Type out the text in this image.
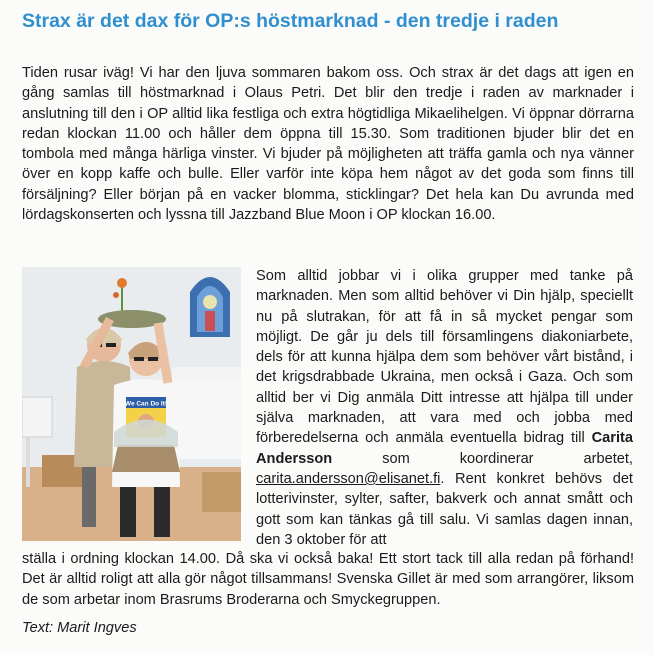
Strax är det dax för OP:s höstmarknad - den tredje i raden

Tiden rusar iväg! Vi har den ljuva sommaren bakom oss. Och strax är det dags att igen en gång samlas till höstmarknad i Olaus Petri. Det blir den tredje i raden av marknader i anslutning till den i OP alltid lika festliga och extra högtidliga Mikaelihelgen. Vi öppnar dörrarna redan klockan 11.00 och håller dem öppna till 15.30. Som traditionen bjuder blir det en tombola med många härliga vinster. Vi bjuder på möjligheten att träffa gamla och nya vänner över en kopp kaffe och bulle. Eller varför inte köpa hem något av det goda som finns till försäljning? Eller början på en vacker blomma, sticklingar? Det hela kan Du avrunda med lördagskonserten och lyssna till Jazzband Blue Moon i OP klockan 16.00.

We Can Do It!
Som alltid jobbar vi i olika grupper med tanke på marknaden. Men som alltid behöver vi Din hjälp, speciellt nu på slutrakan, för att få in så mycket pengar som möjligt. De går ju dels till församlingens diakoniarbete, dels för att kunna hjälpa dem som behöver vårt bistånd, i det krigsdrabbade Ukraina, men också i Gaza. Och som alltid ber vi Dig anmäla Ditt intresse att hjälpa till under själva marknaden, att vara med och jobba med förberedelserna och anmäla eventuella bidrag till Carita Andersson	som koordinerar arbetet, carita.andersson@elisanet.fi. Rent konkret behövs det lotterivinster, sylter, safter, bakverk och annat smått och gott som kan tänkas gå till salu. Vi samlas dagen innan, den 3 oktober för att

ställa i ordning klockan 14.00. Då ska vi också baka! Ett stort tack till alla redan på förhand! Det är alltid roligt att alla gör något tillsammans! Svenska Gillet är med som arrangörer, liksom de som arbetar inom Brasrums Broderarna och Smyckegruppen.

Text: Marit Ingves
